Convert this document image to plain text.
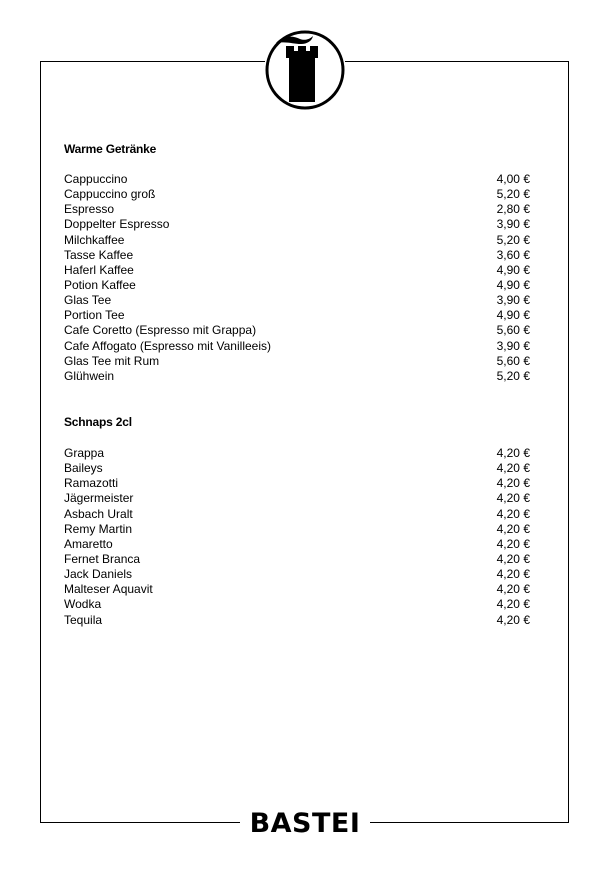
Warme Getränke
Cappuccino	4,00 €
Cappuccino groß	5,20 €
Espresso	2,80 €
Doppelter Espresso	3,90 €
Milchkaffee	5,20 €
Tasse Kaffee	3,60 €
Haferl Kaffee	4,90 €
Potion Kaffee	4,90 €
Glas Tee	3,90 €
Portion Tee	4,90 €
Cafe Coretto (Espresso mit Grappa)	5,60 €
Cafe Affogato (Espresso mit Vanilleeis)	3,90 €
Glas Tee mit Rum	5,60 €
Glühwein	5,20 €
Schnaps 2cl
Grappa	4,20 €
Baileys	4,20 €
Ramazotti	4,20 €
Jägermeister	4,20 €
Asbach Uralt	4,20 €
Remy Martin	4,20 €
Amaretto	4,20 €
Fernet Branca	4,20 €
Jack Daniels	4,20 €
Malteser Aquavit	4,20 €
Wodka	4,20 €
Tequila	4,20 €
BASTEI
